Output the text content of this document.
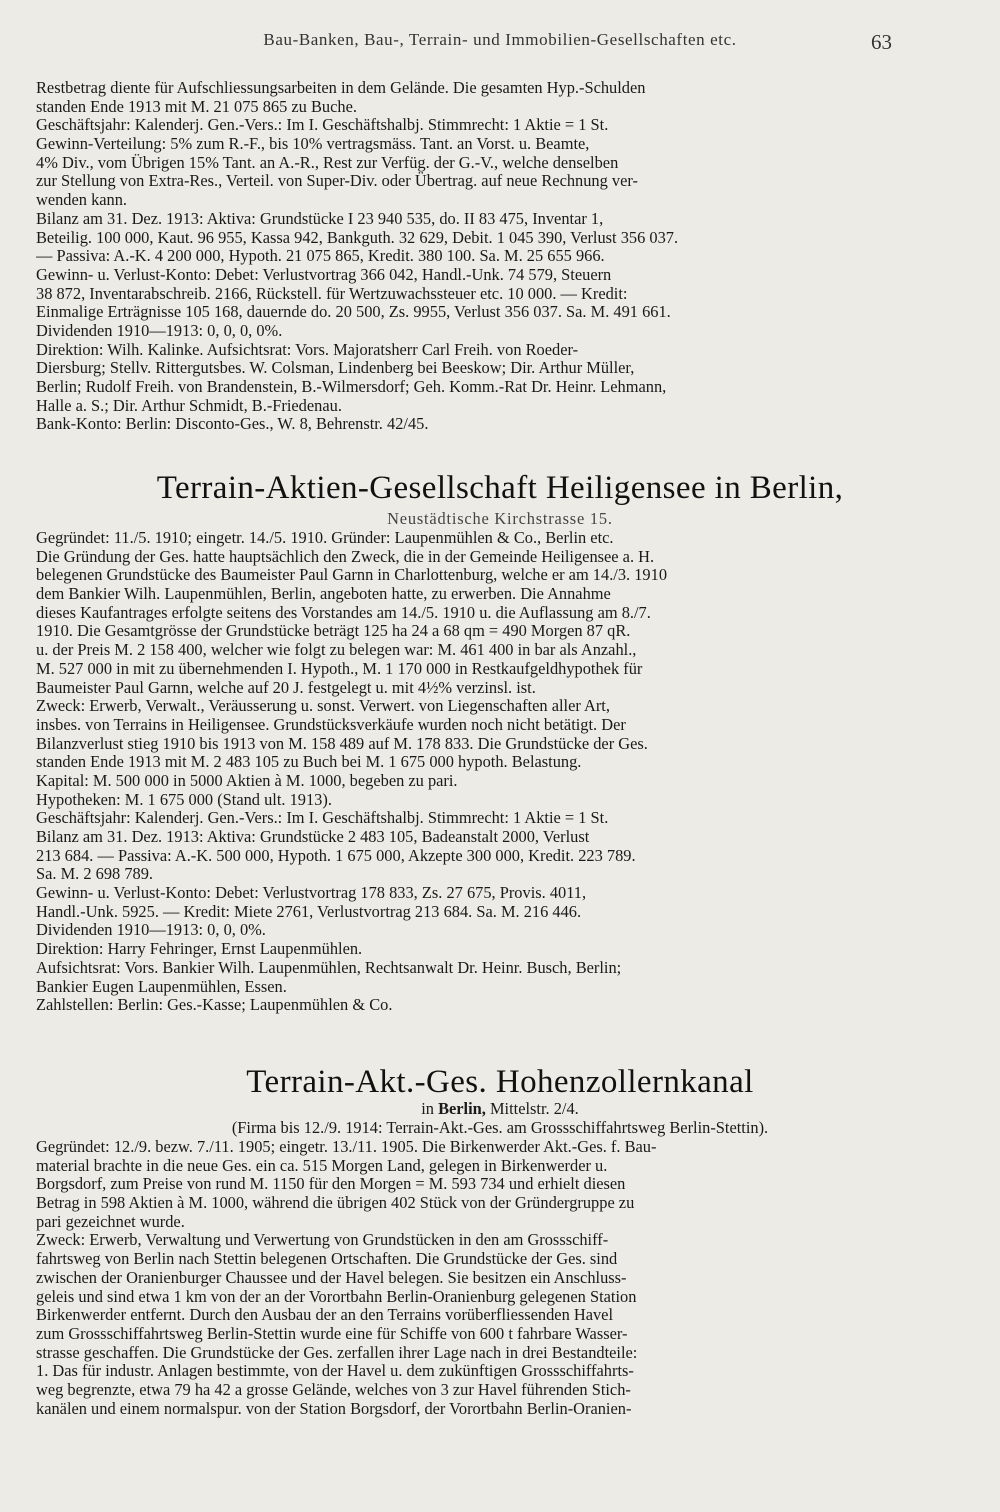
Bau-Banken, Bau-, Terrain- und Immobilien-Gesellschaften etc.	63

Restbetrag diente für Aufschliessungsarbeiten in dem Gelände. Die gesamten Hyp.-Schulden

standen Ende 1913 mit M. 21 075 865 zu Buche.

Geschäftsjahr: Kalenderj. Gen.-Vers.: Im I. Geschäftshalbj. Stimmrecht: 1 Aktie = 1 St.

Gewinn-Verteilung: 5% zum R.-F., bis 10% vertragsmäss. Tant. an Vorst. u. Beamte,

4% Div., vom Übrigen 15% Tant. an A.-R., Rest zur Verfüg. der G.-V., welche denselben

zur Stellung von Extra-Res., Verteil. von Super-Div. oder Übertrag. auf neue Rechnung ver-

wenden kann.

Bilanz am 31. Dez. 1913: Aktiva: Grundstücke I 23 940 535, do. II 83 475, Inventar 1,

Beteilig. 100 000, Kaut. 96 955, Kassa 942, Bankguth. 32 629, Debit. 1 045 390, Verlust 356 037.

— Passiva: A.-K. 4 200 000, Hypoth. 21 075 865, Kredit. 380 100. Sa. M. 25 655 966.

Gewinn- u. Verlust-Konto: Debet: Verlustvortrag 366 042, Handl.-Unk. 74 579, Steuern

38 872, Inventarabschreib. 2166, Rückstell. für Wertzuwachssteuer etc. 10 000. — Kredit:

Einmalige Erträgnisse 105 168, dauernde do. 20 500, Zs. 9955, Verlust 356 037. Sa. M. 491 661.

Dividenden 1910—1913: 0, 0, 0, 0%.

Direktion: Wilh. Kalinke. Aufsichtsrat: Vors. Majoratsherr Carl Freih. von Roeder-

Diersburg; Stellv. Rittergutsbes. W. Colsman, Lindenberg bei Beeskow; Dir. Arthur Müller,

Berlin; Rudolf Freih. von Brandenstein, B.-Wilmersdorf; Geh. Komm.-Rat Dr. Heinr. Lehmann,

Halle a. S.; Dir. Arthur Schmidt, B.-Friedenau.

Bank-Konto: Berlin: Disconto-Ges., W. 8, Behrenstr. 42/45.

Terrain-Aktien-Gesellschaft Heiligensee in Berlin,
Neustädtische Kirchstrasse 15.

Gegründet: 11./5. 1910; eingetr. 14./5. 1910. Gründer: Laupenmühlen & Co., Berlin etc.

Die Gründung der Ges. hatte hauptsächlich den Zweck, die in der Gemeinde Heiligensee a. H.

belegenen Grundstücke des Baumeister Paul Garnn in Charlottenburg, welche er am 14./3. 1910

dem Bankier Wilh. Laupenmühlen, Berlin, angeboten hatte, zu erwerben. Die Annahme

dieses Kaufantrages erfolgte seitens des Vorstandes am 14./5. 1910 u. die Auflassung am 8./7.

1910. Die Gesamtgrösse der Grundstücke beträgt 125 ha 24 a 68 qm = 490 Morgen 87 qR.

u. der Preis M. 2 158 400, welcher wie folgt zu belegen war: M. 461 400 in bar als Anzahl.,

M. 527 000 in mit zu übernehmenden I. Hypoth., M. 1 170 000 in Restkaufgeldhypothek für

Baumeister Paul Garnn, welche auf 20 J. festgelegt u. mit 4½% verzinsl. ist.

Zweck: Erwerb, Verwalt., Veräusserung u. sonst. Verwert. von Liegenschaften aller Art,

insbes. von Terrains in Heiligensee. Grundstücksverkäufe wurden noch nicht betätigt. Der

Bilanzverlust stieg 1910 bis 1913 von M. 158 489 auf M. 178 833. Die Grundstücke der Ges.

standen Ende 1913 mit M. 2 483 105 zu Buch bei M. 1 675 000 hypoth. Belastung.

Kapital: M. 500 000 in 5000 Aktien à M. 1000, begeben zu pari.

Hypotheken: M. 1 675 000 (Stand ult. 1913).

Geschäftsjahr: Kalenderj. Gen.-Vers.: Im I. Geschäftshalbj. Stimmrecht: 1 Aktie = 1 St.

Bilanz am 31. Dez. 1913: Aktiva: Grundstücke 2 483 105, Badeanstalt 2000, Verlust

213 684. — Passiva: A.-K. 500 000, Hypoth. 1 675 000, Akzepte 300 000, Kredit. 223 789.

Sa. M. 2 698 789.

Gewinn- u. Verlust-Konto: Debet: Verlustvortrag 178 833, Zs. 27 675, Provis. 4011,

Handl.-Unk. 5925. — Kredit: Miete 2761, Verlustvortrag 213 684. Sa. M. 216 446.

Dividenden 1910—1913: 0, 0, 0%.

Direktion: Harry Fehringer, Ernst Laupenmühlen.

Aufsichtsrat: Vors. Bankier Wilh. Laupenmühlen, Rechtsanwalt Dr. Heinr. Busch, Berlin;

Bankier Eugen Laupenmühlen, Essen.

Zahlstellen: Berlin: Ges.-Kasse; Laupenmühlen & Co.

Terrain-Akt.-Ges. Hohenzollernkanal
in Berlin, Mittelstr. 2/4.
(Firma bis 12./9. 1914: Terrain-Akt.-Ges. am Grossschiffahrtsweg Berlin-Stettin).

Gegründet: 12./9. bezw. 7./11. 1905; eingetr. 13./11. 1905. Die Birkenwerder Akt.-Ges. f. Bau-

material brachte in die neue Ges. ein ca. 515 Morgen Land, gelegen in Birkenwerder u.

Borgsdorf, zum Preise von rund M. 1150 für den Morgen = M. 593 734 und erhielt diesen

Betrag in 598 Aktien à M. 1000, während die übrigen 402 Stück von der Gründergruppe zu

pari gezeichnet wurde.

Zweck: Erwerb, Verwaltung und Verwertung von Grundstücken in den am Grossschiff-

fahrtsweg von Berlin nach Stettin belegenen Ortschaften. Die Grundstücke der Ges. sind

zwischen der Oranienburger Chaussee und der Havel belegen. Sie besitzen ein Anschluss-

geleis und sind etwa 1 km von der an der Vorortbahn Berlin-Oranienburg gelegenen Station

Birkenwerder entfernt. Durch den Ausbau der an den Terrains vorüberfliessenden Havel

zum Grossschiffahrtsweg Berlin-Stettin wurde eine für Schiffe von 600 t fahrbare Wasser-

strasse geschaffen. Die Grundstücke der Ges. zerfallen ihrer Lage nach in drei Bestandteile:

1. Das für industr. Anlagen bestimmte, von der Havel u. dem zukünftigen Grossschiffahrts-

weg begrenzte, etwa 79 ha 42 a grosse Gelände, welches von 3 zur Havel führenden Stich-

kanälen und einem normalspur. von der Station Borgsdorf, der Vorortbahn Berlin-Oranien-
